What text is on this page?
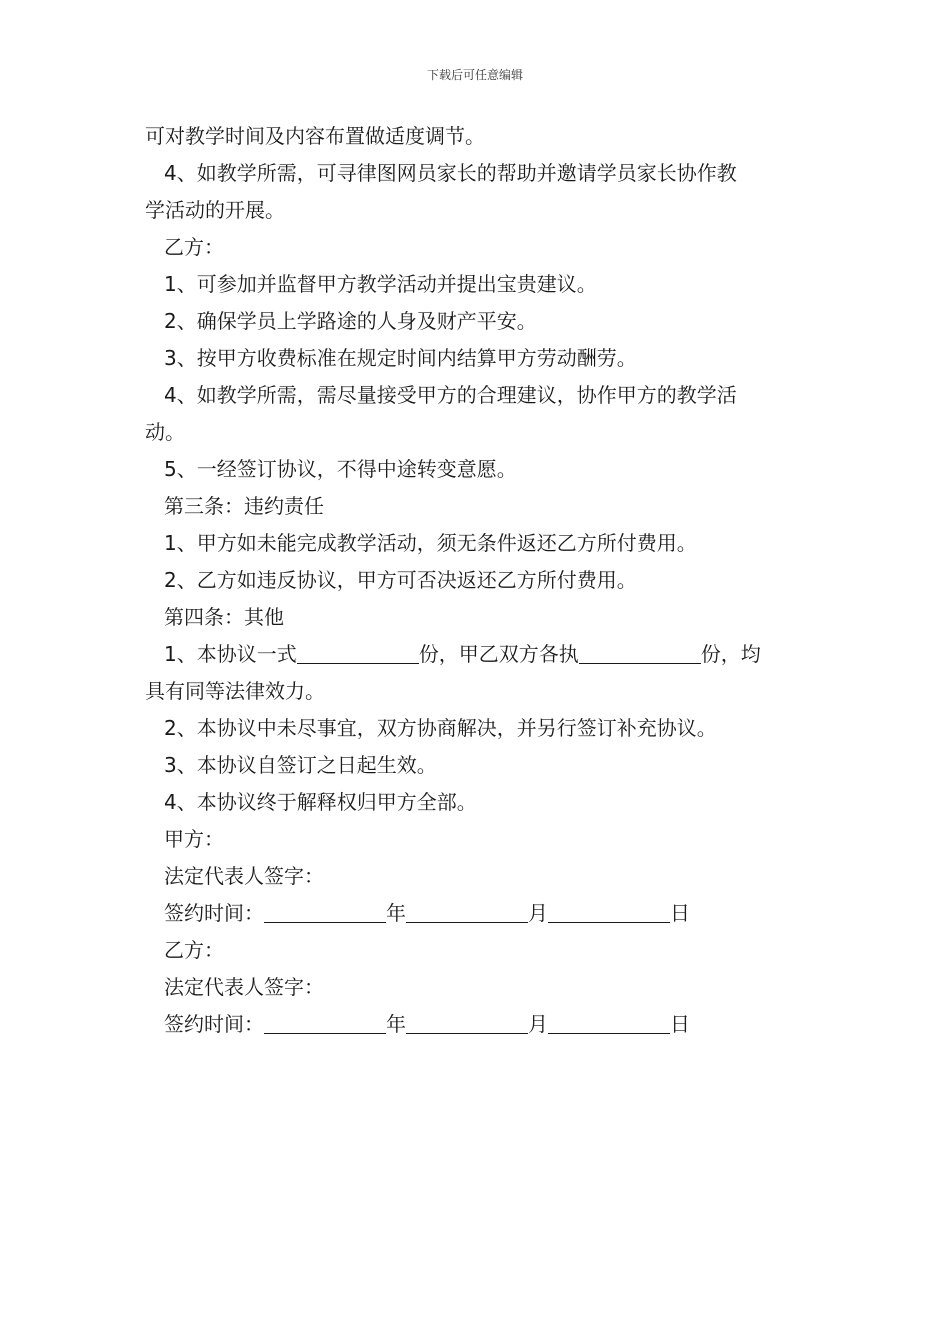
下载后可任意编辑

可对教学时间及内容布置做适度调节。

4、如教学所需，可寻律图网员家长的帮助并邀请学员家长协作教

学活动的开展。

乙方：

1、可参加并监督甲方教学活动并提出宝贵建议。

2、确保学员上学路途的人身及财产平安。

3、按甲方收费标准在规定时间内结算甲方劳动酬劳。

4、如教学所需，需尽量接受甲方的合理建议，协作甲方的教学活

动。

5、一经签订协议，不得中途转变意愿。

第三条：违约责任

1、甲方如未能完成教学活动，须无条件返还乙方所付费用。

2、乙方如违反协议，甲方可否决返还乙方所付费用。

第四条：其他

1、本协议一式	份，甲乙双方各执	份，均

具有同等法律效力。

2、本协议中未尽事宜，双方协商解决，并另行签订补充协议。

3、本协议自签订之日起生效。

4、本协议终于解释权归甲方全部。

甲方：

法定代表人签字：

签约时间：	年	月	日

乙方：

法定代表人签字：

签约时间：	年	月	日
